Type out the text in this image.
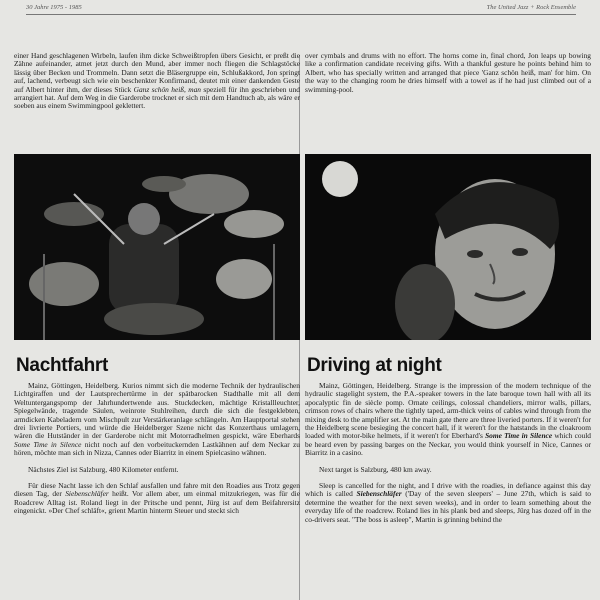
30 Jahre 1975 - 1985	The United Jazz + Rock Ensemble

einer Hand geschlagenen Wirbeln, laufen ihm dicke Schweißtropfen übers Gesicht, er preßt die Zähne aufeinander, atmet jetzt durch den Mund, aber immer noch fliegen die Schlagstöcke lässig über Becken und Trommeln. Dann setzt die Bläsergruppe ein, Schlußakkord, Jon springt auf, lachend, verbeugt sich wie ein beschenkter Konfirmand, deutet mit einer dankenden Geste auf Albert hinter ihm, der dieses Stück Ganz schön heiß, man speziell für ihn geschrieben und arrangiert hat. Auf dem Weg in die Garderobe trocknet er sich mit dem Handtuch ab, als wäre er soeben aus einem Swimmingpool geklettert.

Nachtfahrt

Mainz, Göttingen, Heidelberg. Kurios nimmt sich die moderne Technik der hydraulischen Lichtgiraffen und der Lautsprechertürme in der spätbarocken Stadthalle mit all dem Weltuntergangspomp der Jahrhundertwende aus. Stuckdecken, mächtige Kristallleuchter, Spiegelwände, tragende Säulen, weinrote Stuhlreihen, durch die sich die festgeklebten, armdicken Kabeladern vom Mischpult zur Verstärkeranlage schlängeln. Am Hauptportal stehen drei livrierte Portiers, und würde die Heidelberger Szene nicht das Konzerthaus umlagern, wären die Hutständer in der Garderobe nicht mit Motorradhelmen gespickt, wäre Eberhards Some Time in Silence nicht noch auf den vorbeituckernden Lastkähnen auf dem Neckar zu hören, möchte man sich in Nizza, Cannes oder Biarritz in einem Spielcasino wähnen.

Nächstes Ziel ist Salzburg, 480 Kilometer entfernt.

Für diese Nacht lasse ich den Schlaf ausfallen und fahre mit den Roadies aus Trotz gegen diesen Tag, der Siebenschläfer heißt. Vor allem aber, um einmal mitzukriegen, was für die Roadcrew Alltag ist. Roland liegt in der Pritsche und pennt, Jürg ist auf dem Beifahrersitz eingenickt. »Der Chef schläft«, grient Martin hinterm Steuer und steckt sich

over cymbals and drums with no effort. The horns come in, final chord, Jon leaps up bowing like a confirmation candidate receiving gifts. With a thankful gesture he points behind him to Albert, who has specially written and arranged that piece 'Ganz schön heiß, man' for him. On the way to the changing room he dries himself with a towel as if he had just climbed out of a swimming-pool.

Driving at night

Mainz, Göttingen, Heidelberg. Strange is the impression of the modern technique of the hydraulic stagelight system, the P.A.-speaker towers in the late baroque town hall with all its apocalyptic fin de siècle pomp. Ornate ceilings, colossal chandeliers, mirror walls, pillars, crimson rows of chairs where the tightly taped, arm-thick veins of cables wind through from the mixing desk to the amplifier set. At the main gate there are three liveried porters. If it weren't for the Heidelberg scene besieging the concert hall, if it weren't for the hatstands in the cloakroom loaded with motor-bike helmets, if it weren't for Eberhard's Some Time in Silence which could be heard even by passing barges on the Neckar, you would think yourself in Nice, Cannes or Biarritz in a casino.

Next target is Salzburg, 480 km away.

Sleep is cancelled for the night, and I drive with the roadies, in defiance against this day which is called Siebenschläfer ('Day of the seven sleepers' – June 27th, which is said to determine the weather for the next seven weeks), and in order to learn something about the everyday life of the roadcrew. Roland lies in his plank bed and sleeps, Jürg has dozed off in the co-drivers seat. "The boss is asleep", Martin is grinning behind the
